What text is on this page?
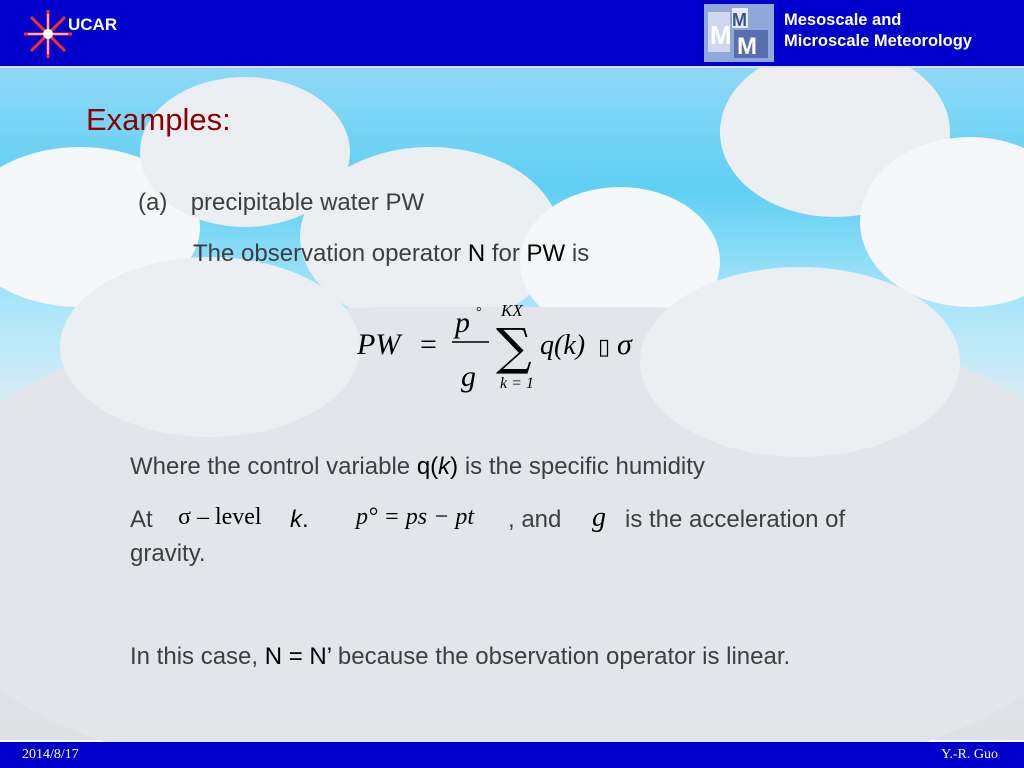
UCAR	M M
M Mesoscale and
Microscale Meteorology
Examples:
(a) precipitable water PW
The observation operator N for PW is
PW =
p °
g
KX
∑
k = 1
q(k) ▯ σ
Where the control variable q(k) is the specific humidity
At σ – level k. p° = ps − pt , and g is the acceleration of
gravity.
In this case, N = N’ because the observation operator is linear.
2014/8/17	Y.-R. Guo
